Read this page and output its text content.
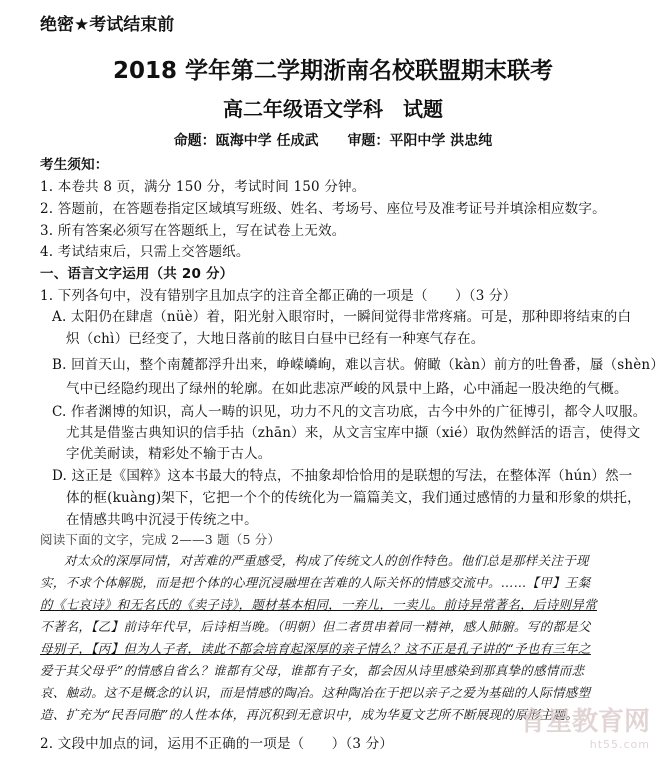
绝密★考试结束前
2018 学年第二学期浙南名校联盟期末联考
高二年级语文学科　试题
命题：瓯海中学 任成武 审题：平阳中学 洪忠纯
考生须知：
1. 本卷共 8 页，满分 150 分，考试时间 150 分钟。
2. 答题前，在答题卷指定区域填写班级、姓名、考场号、座位号及准考证号并填涂相应数字。
3. 所有答案必须写在答题纸上，写在试卷上无效。
4. 考试结束后，只需上交答题纸。
一、语言文字运用（共 20 分）
1. 下列各句中，没有错别字且加点字的注音全都正确的一项是（　　）（3 分）
A. 太阳仍在肆虐（nüè）着，阳光射入眼帘时，一瞬间觉得非常疼痛。可是，那种即将结束的白
炽（chì）已经变了，大地日落前的眩目白昼中已经有一种寒气存在。
B. 回首天山，整个南麓都浮升出来，峥嵘嶙峋，难以言状。俯瞰（kàn）前方的吐鲁番，蜃（shèn）
气中已经隐约现出了绿州的轮廓。在如此悲凉严峻的风景中上路，心中涌起一股决绝的气概。
C. 作者渊博的知识，高人一畴的识见，功力不凡的文言功底，古今中外的广征博引，都令人叹服。
尤其是借鉴古典知识的信手拈（zhān）来，从文言宝库中撷（xié）取伪然鲜活的语言，使得文
字优美耐读，精彩处不输于古人。
D. 这正是《国粹》这本书最大的特点，不抽象却恰恰用的是联想的写法，在整体浑（hún）然一
体的框(kuàng)架下，它把一个个的传统化为一篇篇美文，我们通过感情的力量和形象的烘托，
在情感共鸣中沉浸于传统之中。
阅读下面的文字，完成 2——3 题（5 分）
对太众的深厚同情，对苦难的严重感受，构成了传统文人的创作特色。他们总是那样关注于现
实，不求个体解脱，而是把个体的心理沉浸融埋在苦难的人际关怀的情感交流中。……【甲】王粲
的《七哀诗》和无名氏的《卖子诗》，题材基本相同，一弃儿，一卖儿。前诗异常著名，后诗则异常
不著名，【乙】前诗年代早，后诗相当晚。（明朝）但二者贯串着同一精神，感人肺腑。写的都是父
母别子，【丙】但为人子者，读此不都会培育起深厚的亲子情么？这不正是孔子讲的“予也有三年之
爱于其父母乎”的情感自省么？谁都有父母，谁都有子女，都会因从诗里感染到那真挚的感情而悲
哀、触动。这不是概念的认识，而是情感的陶冶。这种陶冶在于把以亲子之爱为基础的人际情感塑
造、扩充为“民吾同胞”的人性本体，再沉积到无意识中，成为华夏文艺所不断展现的原形主题。
2. 文段中加点的词，运用不正确的一项是（　　）（3 分）
育星教育网
ht55.com
